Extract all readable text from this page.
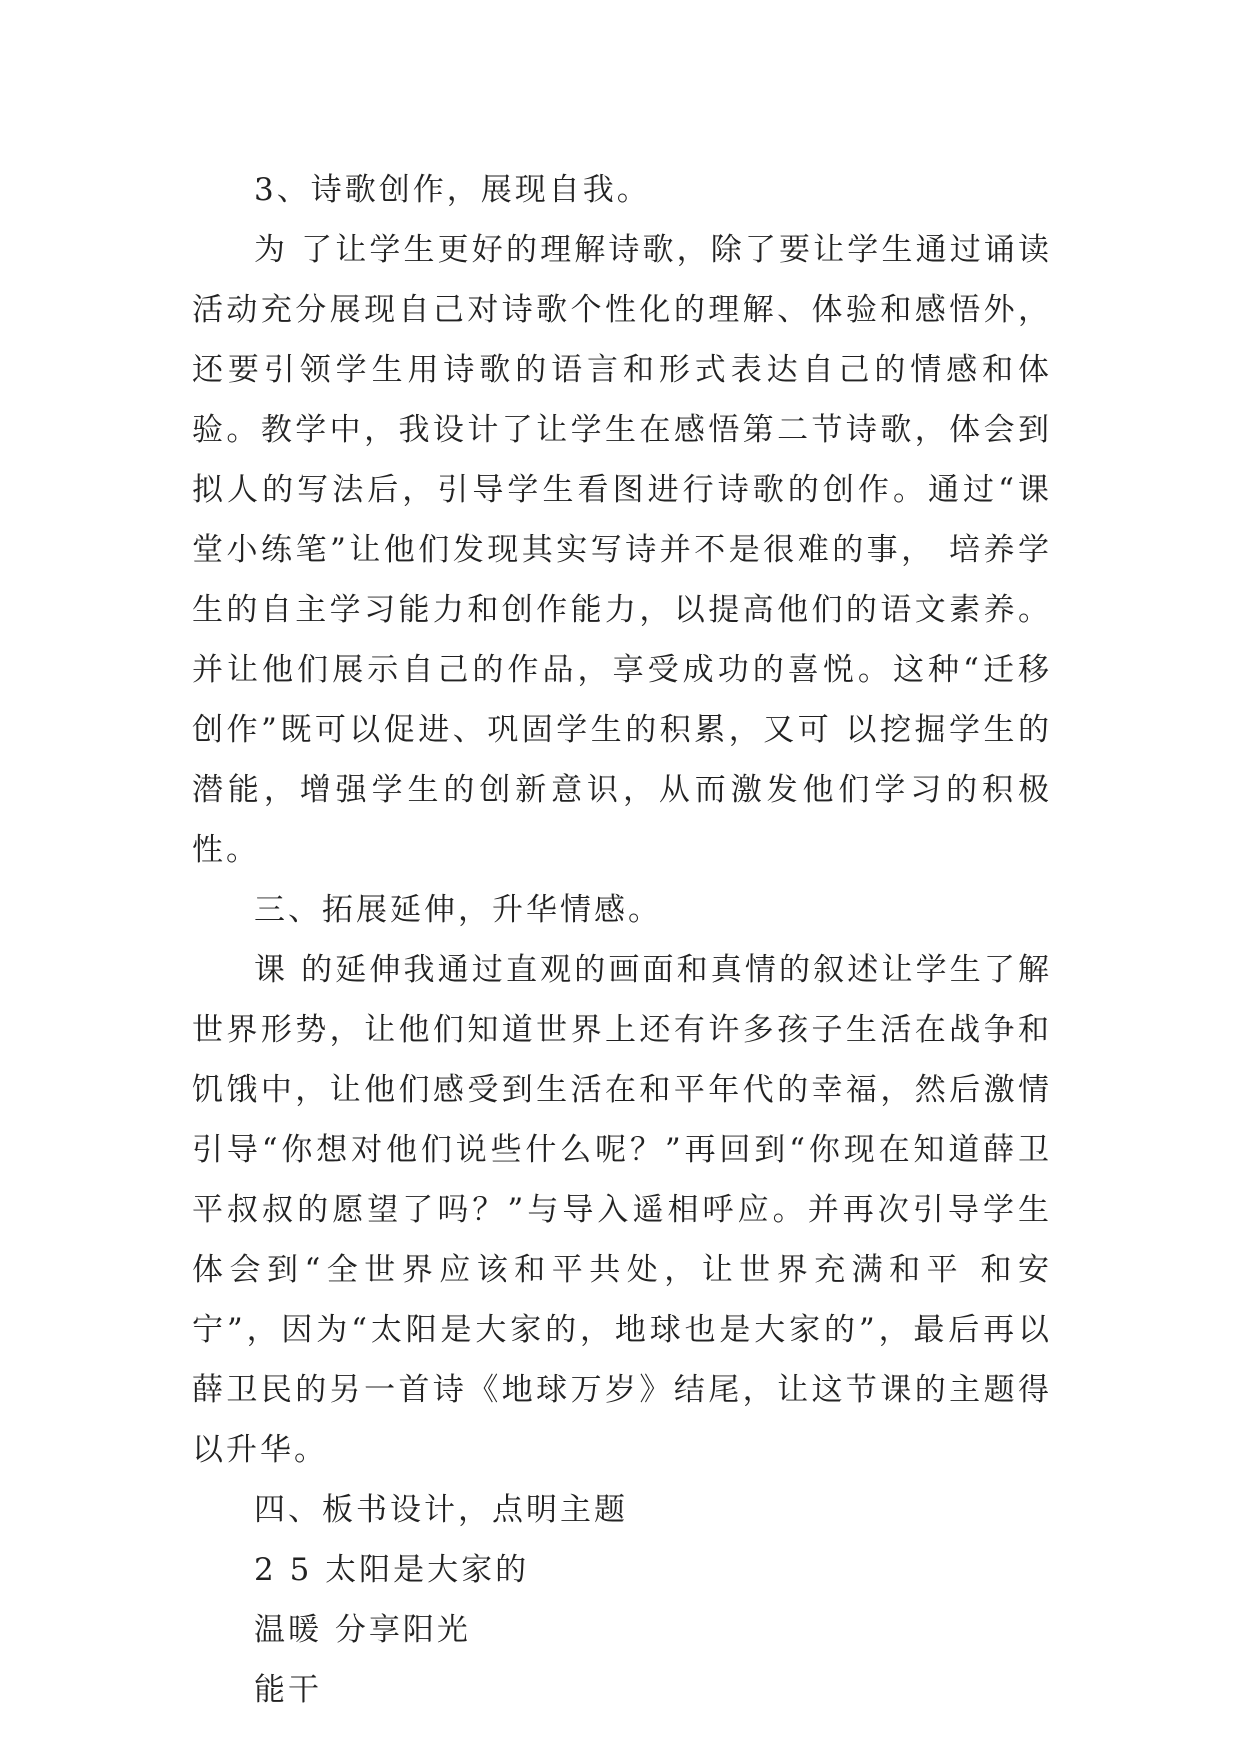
3、诗歌创作，展现自我。

为 了让学生更好的理解诗歌，除了要让学生通过诵读活动充分展现自己对诗歌个性化的理解、体验和感悟外，还要引领学生用诗歌的语言和形式表达自己的情感和体 验。教学中，我设计了让学生在感悟第二节诗歌，体会到拟人的写法后，引导学生看图进行诗歌的创作。通过“课堂小练笔”让他们发现其实写诗并不是很难的事， 培养学生的自主学习能力和创作能力，以提高他们的语文素养。并让他们展示自己的作品，享受成功的喜悦。这种“迁移创作”既可以促进、巩固学生的积累，又可 以挖掘学生的潜能，增强学生的创新意识，从而激发他们学习的积极性。

三、拓展延伸，升华情感。

课 的延伸我通过直观的画面和真情的叙述让学生了解世界形势，让他们知道世界上还有许多孩子生活在战争和饥饿中，让他们感受到生活在和平年代的幸福，然后激情 引导“你想对他们说些什么呢？”再回到“你现在知道薛卫平叔叔的愿望了吗？”与导入遥相呼应。并再次引导学生体会到“全世界应该和平共处，让世界充满和平 和安宁”，因为“太阳是大家的，地球也是大家的”，最后再以薛卫民的另一首诗《地球万岁》结尾，让这节课的主题得以升华。

四、板书设计，点明主题

2 5 太阳是大家的

温暖 分享阳光

能干
